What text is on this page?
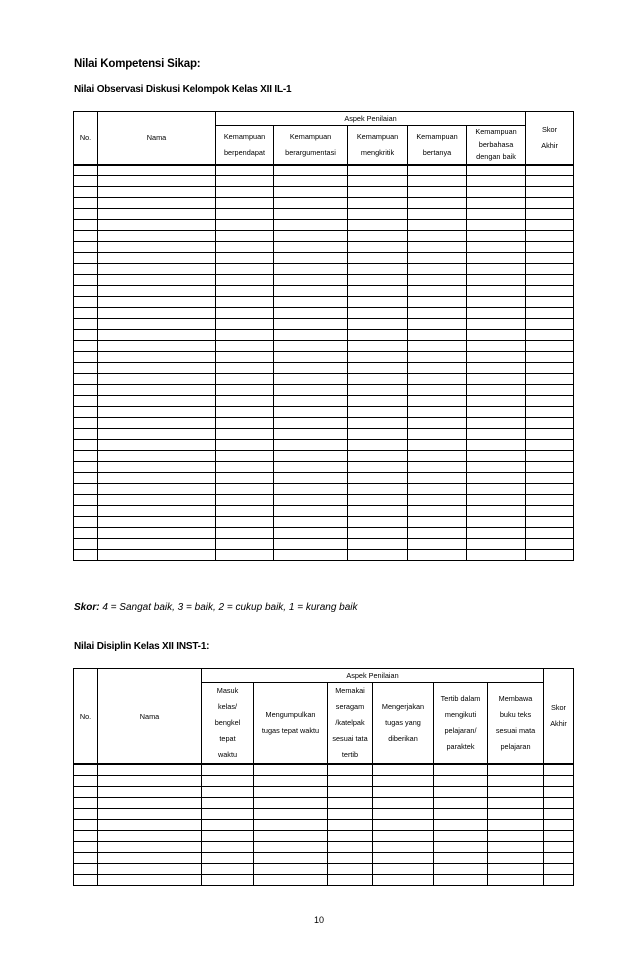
Nilai Kompetensi Sikap:
Nilai Observasi Diskusi Kelompok Kelas XII IL-1
No.	Nama	Aspek Penilaian					Skor Akhir

		Kemampuan berpendapat	Kemampuan berargumentasi	Kemampuan mengkritik	Kemampuan bertanya	Kemampuan berbahasa dengan baik	

Skor: 4 = Sangat baik, 3 = baik, 2 = cukup baik, 1 = kurang baik
Nilai Disiplin Kelas XII INST-1:
No.	Nama	Aspek Penilaian						Skor Akhir

		Masuk kelas/ bengkel tepat waktu	Mengumpulkan tugas tepat waktu	Memakai seragam /katelpak sesuai tata tertib	Mengerjakan tugas yang diberikan	Tertib dalam mengikuti pelajaran/ paraktek	Membawa buku teks sesuai mata pelajaran	

10
